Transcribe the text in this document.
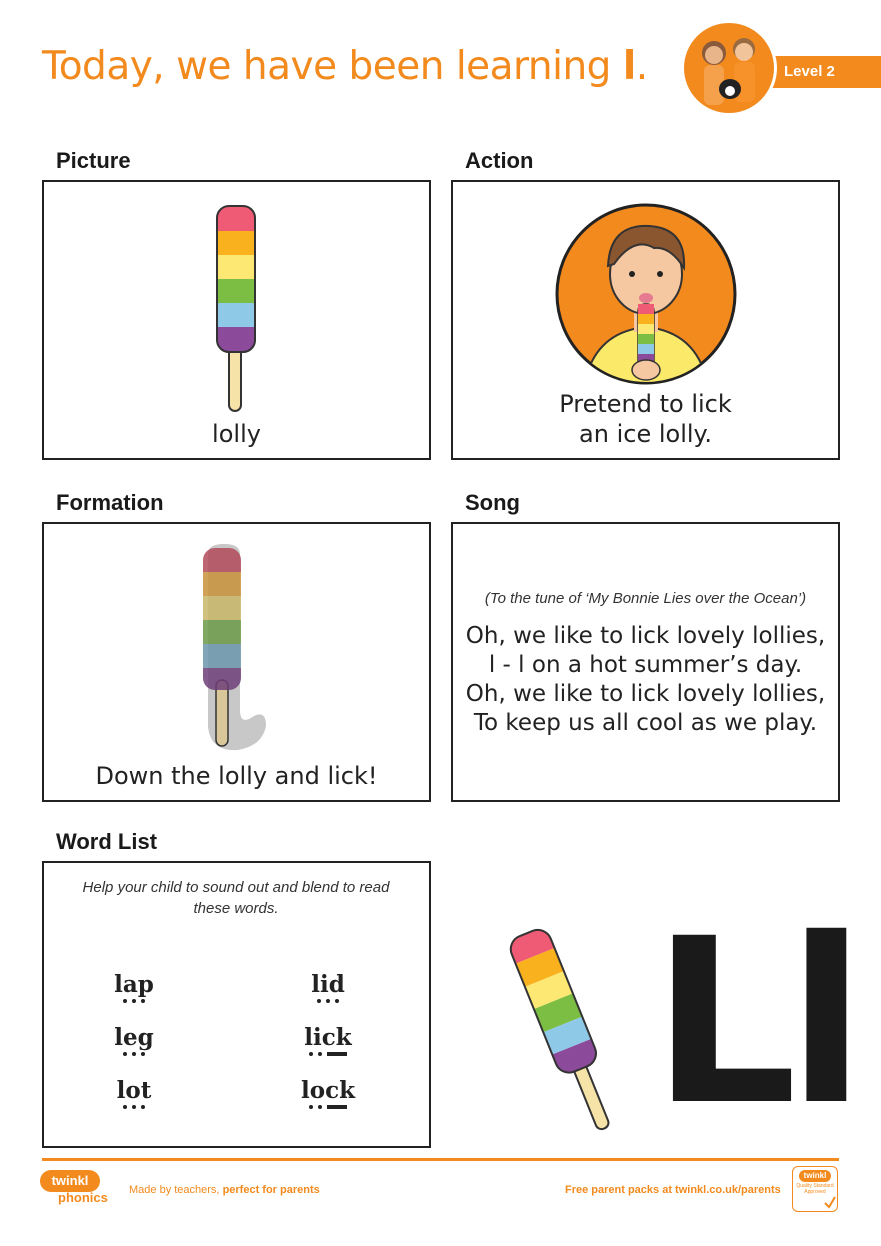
Today, we have been learning l.	Level 2
Picture	Action
Formation	Song
Word List
lolly
Pretend to lick
an ice lolly.
Down the lolly and lick!
(To the tune of ‘My Bonnie Lies over the Ocean’)
Oh, we like to lick lovely lollies,
l - l on a hot summer’s day.
Oh, we like to lick lovely lollies,
To keep us all cool as we play.
Help your child to sound out and blend to read these words.
lap	lid
leg	lick
lot	lock Ll
twinkl
phonics	Made by teachers, perfect for parents	Free parent packs at twinkl.co.uk/parents
twinkl
Quality Standard Approved
